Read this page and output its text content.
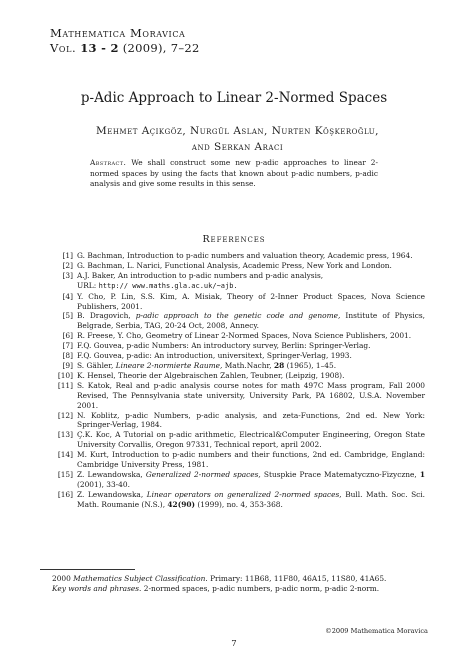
Mathematica Moravica
Vol. 13 - 2 (2009), 7–22
p-Adic Approach to Linear 2-Normed Spaces
Mehmet Açıkgöz, Nurgül Aslan, Nurten Köşkeroğlu,
and Serkan Araci
Abstract. We shall construct some new p-adic approaches to linear 2-normed spaces by using the facts that known about p-adic numbers, p-adic analysis and give some results in this sense.
References
[1] G. Bachman, Introduction to p-adic numbers and valuation theory, Academic press, 1964.
[2] G. Bachman, L. Narici, Functional Analysis, Academic Press, New York and London.
[3] A.J. Baker, An introduction to p-adic numbers and p-adic analysis,
URL: http:// www.maths.gla.ac.uk/~ajb.
[4] Y. Cho, P. Lin, S.S. Kim, A. Misiak, Theory of 2-Inner Product Spaces, Nova Science Publishers, 2001.
[5] B. Dragovich, p-adic approach to the genetic code and genome, Institute of Physics, Belgrade, Serbia, TAG, 20-24 Oct, 2008, Annecy.
[6] R. Freese, Y. Cho, Geometry of Linear 2-Normed Spaces, Nova Science Publishers, 2001.
[7] F.Q. Gouvea, p-adic Numbers: An introductory survey, Berlin: Springer-Verlag.
[8] F.Q. Gouvea, p-adic: An introduction, universitext, Springer-Verlag, 1993.
[9] S. Gähler, Lineare 2-normierte Raume, Math.Nachr, 28 (1965), 1–45.
[10] K. Hensel, Theorie der Algebraischen Zahlen, Teubner, (Leipzig, 1908).
[11] S. Katok, Real and p-adic analysis course notes for math 497C Mass program, Fall 2000 Revised, The Pennsylvania state university, University Park, PA 16802, U.S.A. November 2001.
[12] N. Koblitz, p-adic Numbers, p-adic analysis, and zeta-Functions, 2nd ed. New York: Springer-Verlag, 1984.
[13] Ç.K. Koc, A Tutorial on p-adic arithmetic, Electrical&Computer Engineering, Oregon State University Corvallis, Oregon 97331, Technical report, april 2002.
[14] M. Kurt, Introduction to p-adic numbers and their functions, 2nd ed. Cambridge, England: Cambridge University Press, 1981.
[15] Z. Lewandowska, Generalized 2-normed spaces, Stuspkie Prace Matematyczno-Fizyczne, 1 (2001), 33-40.
[16] Z. Lewandowska, Linear operators on generalized 2-normed spaces, Bull. Math. Soc. Sci. Math. Roumanie (N.S.), 42(90) (1999), no. 4, 353-368.

2000 Mathematics Subject Classification. Primary: 11B68, 11F80, 46A15, 11S80, 41A65.

Key words and phrases. 2-normed spaces, p-adic numbers, p-adic norm, p-adic 2-norm.

©2009 Mathematica Moravica
7
